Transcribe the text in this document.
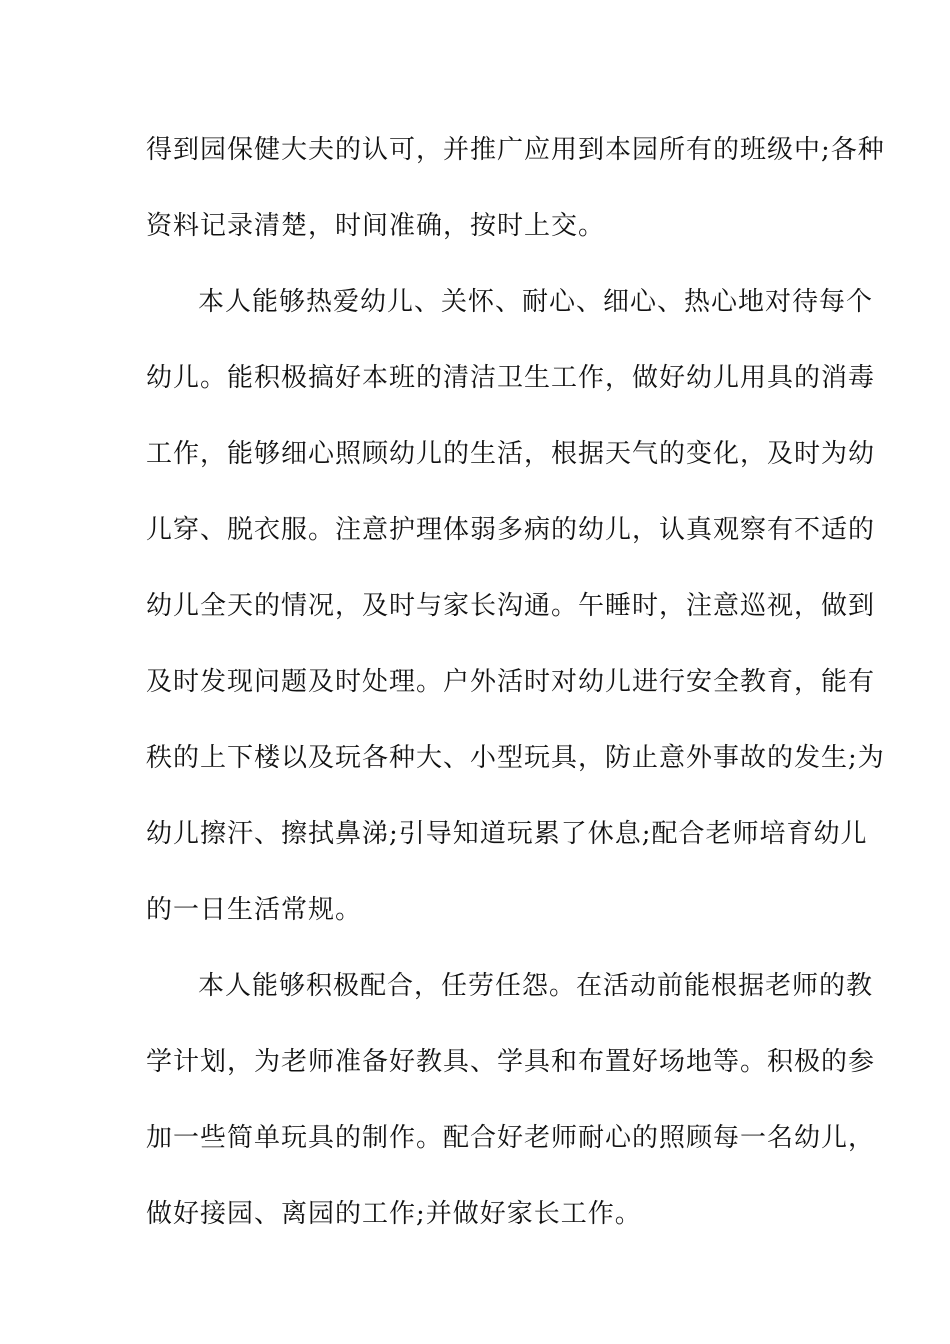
得到园保健大夫的认可，并推广应用到本园所有的班级中;各种
资料记录清楚，时间准确，按时上交。
本人能够热爱幼儿、关怀、耐心、细心、热心地对待每个
幼儿。能积极搞好本班的清洁卫生工作，做好幼儿用具的消毒
工作，能够细心照顾幼儿的生活，根据天气的变化，及时为幼
儿穿、脱衣服。注意护理体弱多病的幼儿，认真观察有不适的
幼儿全天的情况，及时与家长沟通。午睡时，注意巡视，做到
及时发现问题及时处理。户外活时对幼儿进行安全教育，能有
秩的上下楼以及玩各种大、小型玩具，防止意外事故的发生;为
幼儿擦汗、擦拭鼻涕;引导知道玩累了休息;配合老师培育幼儿
的一日生活常规。
本人能够积极配合，任劳任怨。在活动前能根据老师的教
学计划，为老师准备好教具、学具和布置好场地等。积极的参
加一些简单玩具的制作。配合好老师耐心的照顾每一名幼儿，
做好接园、离园的工作;并做好家长工作。
